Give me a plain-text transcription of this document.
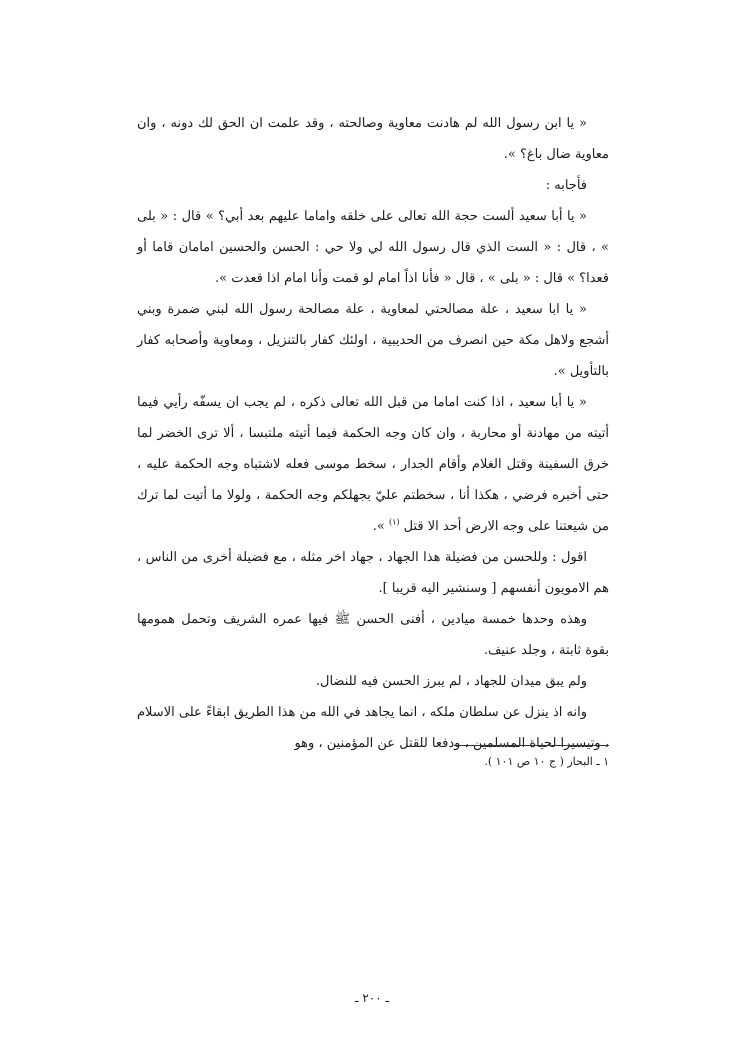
« يا ابن رسول الله لم هادنت معاوية وصالحته ، وقد علمت ان الحق لك دونه ، وان معاوية ضال باغ؟ ».

فأجابه :

« يا أبا سعيد ألست حجة الله تعالى على خلقه واماما عليهم بعد أبي؟ » قال : « بلى » ، قال : « الست الذي قال رسول الله لي ولا حي : الحسن والحسين امامان قاما أو قعدا؟ » قال : « بلى » ، قال « فأنا اذاً امام لو قمت وأنا امام اذا قعدت ».

« يا ابا سعيد ، علة مصالحتي لمعاوية ، علة مصالحة رسول الله لبني ضمرة وبني أشجع ولاهل مكة حين انصرف من الحديبية ، اولئك كفار بالتنزيل ، ومعاوية وأصحابه كفار بالتأويل ».

« يا أبا سعيد ، اذا كنت اماما من قبل الله تعالى ذكره ، لم يجب ان يسفّه رأيي فيما أتيته من مهادنة أو محاربة ، وان كان وجه الحكمة فيما أتيته ملتبسا ، ألا ترى الخضر لما خرق السفينة وقتل الغلام وأقام الجدار ، سخط موسى فعله لاشتباه وجه الحكمة عليه ، حتى أخبره فرضي ، هكذا أنا ، سخطتم عليّ بجهلكم وجه الحكمة ، ولولا ما أتيت لما ترك من شيعتنا على وجه الارض أحد الا قتل $^{(١)}$ ».

اقول : وللحسن من فضيلة هذا الجهاد ، جهاد اخر مثله ، مع فضيلة أخرى من الناس ، هم الامويون أنفسهم [ وسنشير اليه قريبا ].

وهذه وحدها خمسة ميادين ، أفنى الحسن ﷺ فيها عمره الشريف وتحمل همومها بقوة ثابتة ، وجلد عنيف.

ولم يبق ميدان للجهاد ، لم يبرز الحسن فيه للنضال.

وانه اذ ينزل عن سلطان ملكه ، انما يجاهد في الله من هذا الطريق ابقاءً على الاسلام ، وتيسيرا لحياة المسلمين ، ودفعا للقتل عن المؤمنين ، وهو

١ ـ البحار ( ج ١٠ ص ١٠١ ).
ـ ٢٠٠ ـ
